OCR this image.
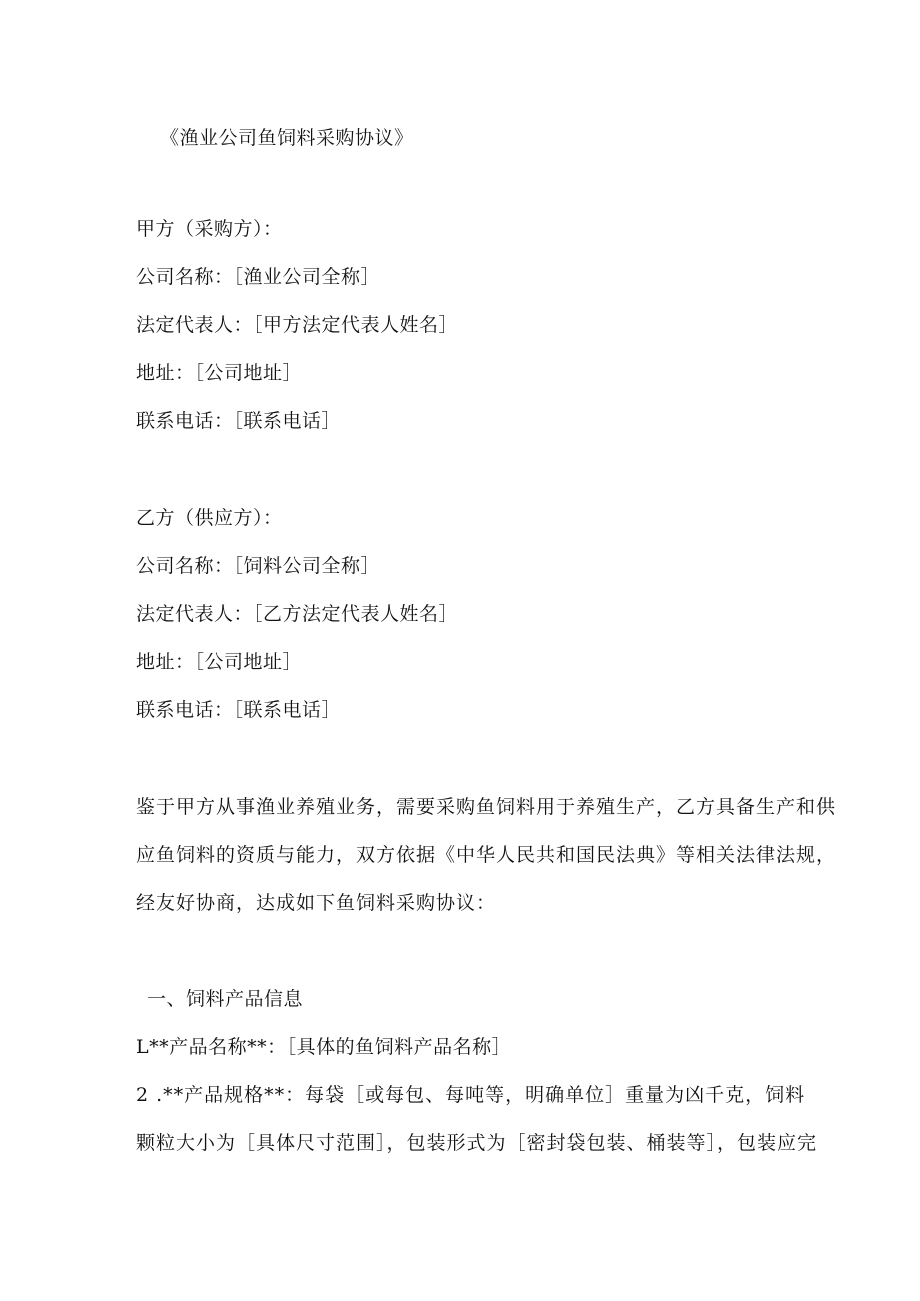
《渔业公司鱼饲料采购协议》
甲方（采购方）：
公司名称：［渔业公司全称］
法定代表人：［甲方法定代表人姓名］
地址：［公司地址］
联系电话：［联系电话］
乙方（供应方）：
公司名称：［饲料公司全称］
法定代表人：［乙方法定代表人姓名］
地址：［公司地址］
联系电话：［联系电话］
鉴于甲方从事渔业养殖业务，需要采购鱼饲料用于养殖生产，乙方具备生产和供
应鱼饲料的资质与能力，双方依据《中华人民共和国民法典》等相关法律法规，
经友好协商，达成如下鱼饲料采购协议：
一、饲料产品信息
L**产品名称**：［具体的鱼饲料产品名称］
2 .**产品规格**：每袋［或每包、每吨等，明确单位］重量为凶千克，饲料
颗粒大小为［具体尺寸范围］，包装形式为［密封袋包装、桶装等］，包装应完
